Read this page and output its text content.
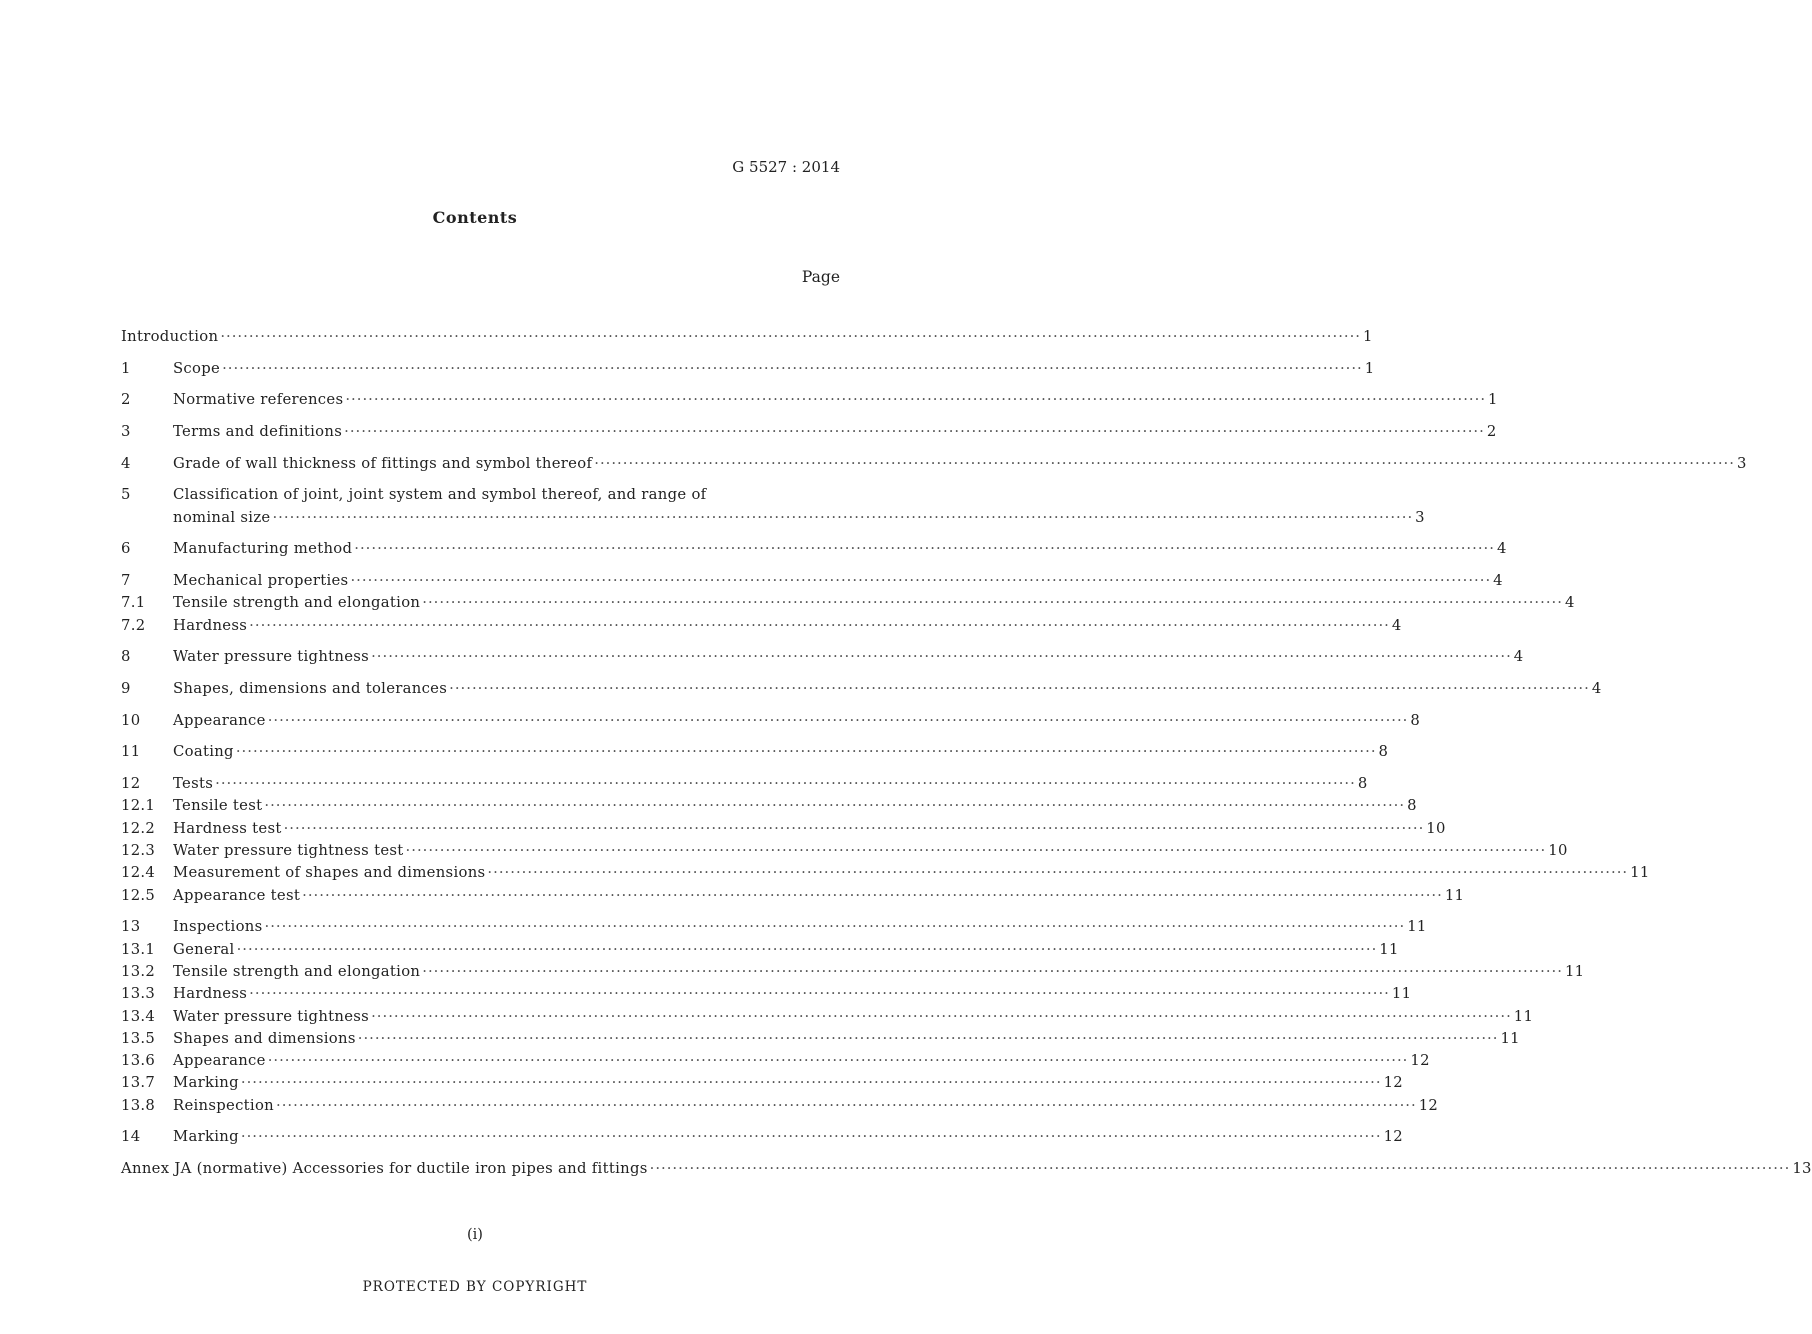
G 5527 : 2014
Contents
Page
Introduction ········································································································································································································ 1
1	Scope ········································································································································································································ 1
2	Normative references ········································································································································································································ 1
3	Terms and definitions ········································································································································································································ 2
4	Grade of wall thickness of fittings and symbol thereof ········································································································································································································ 3
5	Classification of joint, joint system and symbol thereof, and range of
nominal size ········································································································································································································ 3
6	Manufacturing method ········································································································································································································ 4
7	Mechanical properties ········································································································································································································ 4
7.1	Tensile strength and elongation ········································································································································································································ 4
7.2	Hardness ········································································································································································································ 4
8	Water pressure tightness ········································································································································································································ 4
9	Shapes, dimensions and tolerances ········································································································································································································ 4
10	Appearance ········································································································································································································ 8
11	Coating ········································································································································································································ 8
12	Tests ········································································································································································································ 8
12.1	Tensile test ········································································································································································································ 8
12.2	Hardness test ········································································································································································································ 10
12.3	Water pressure tightness test ········································································································································································································ 10
12.4	Measurement of shapes and dimensions ········································································································································································································ 11
12.5	Appearance test ········································································································································································································ 11
13	Inspections ········································································································································································································ 11
13.1	General ········································································································································································································ 11
13.2	Tensile strength and elongation ········································································································································································································ 11
13.3	Hardness ········································································································································································································ 11
13.4	Water pressure tightness ········································································································································································································ 11
13.5	Shapes and dimensions ········································································································································································································ 11
13.6	Appearance ········································································································································································································ 12
13.7	Marking ········································································································································································································ 12
13.8	Reinspection ········································································································································································································ 12
14	Marking ········································································································································································································ 12
Annex JA (normative) Accessories for ductile iron pipes and fittings ········································································································································································································ 13
(i)
PROTECTED BY COPYRIGHT
